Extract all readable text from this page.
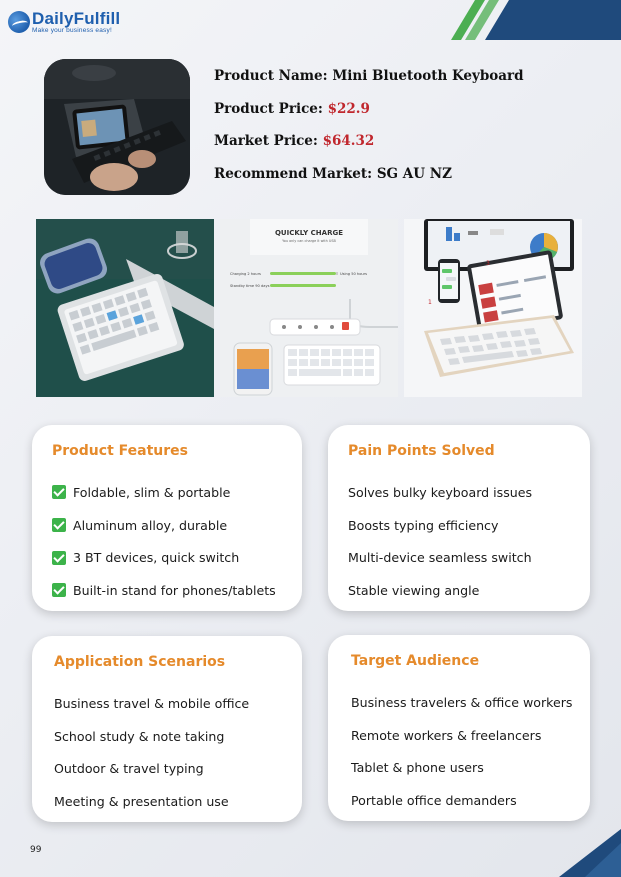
DailyFulfill
Make your business easy!
Product Name: Mini Bluetooth Keyboard
Product Price: $22.9
Market Price: $64.32
Recommend Market: SG AU NZ
QUICKLY CHARGE
You only can charge it with USB
Charging 2 hours	Using 50 hours
Standby time 90 days
3
1
Product Features
Foldable, slim & portable
Aluminum alloy, durable
3 BT devices, quick switch
Built-in stand for phones/tablets
Pain Points Solved
Solves bulky keyboard issues
Boosts typing efficiency
Multi-device seamless switch
Stable viewing angle
Application Scenarios
Business travel & mobile office
School study & note taking
Outdoor & travel typing
Meeting & presentation use
Target Audience
Business travelers & office workers
Remote workers & freelancers
Tablet & phone users
Portable office demanders
99
